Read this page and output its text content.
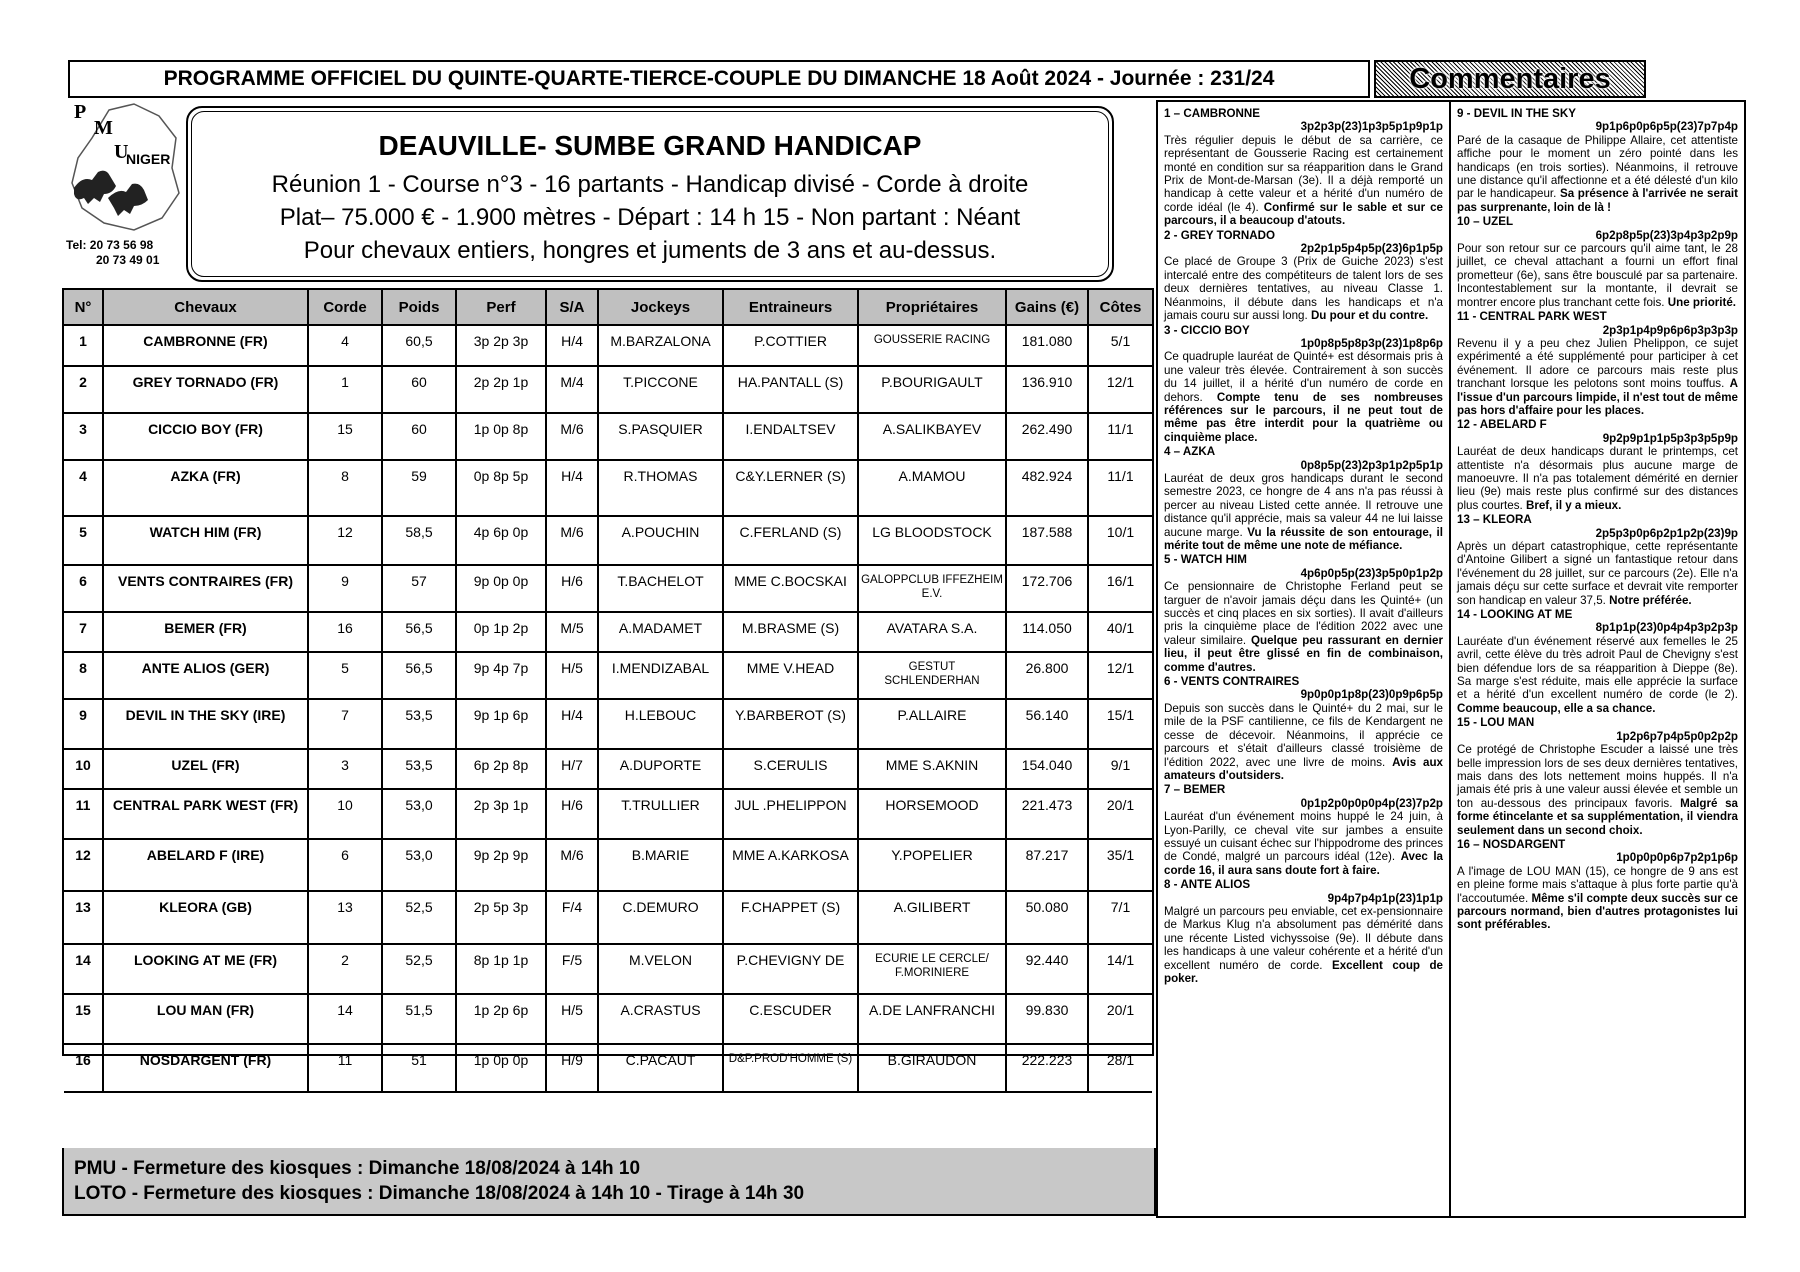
PROGRAMME OFFICIEL DU QUINTE-QUARTE-TIERCE-COUPLE DU DIMANCHE 18 Août 2024 - Journée : 231/24	Commentaires
P
M
U
NIGER
Tel: 20 73 56 98
20 73 49 01
DEAUVILLE- SUMBE GRAND HANDICAP
Réunion 1 - Course n°3 - 16 partants - Handicap divisé - Corde à droite
Plat– 75.000 € - 1.900 mètres - Départ : 14 h 15 - Non partant : Néant
Pour chevaux entiers, hongres et juments de 3 ans et au-dessus.
N°	Chevaux	Corde	Poids	Perf	S/A	Jockeys	Entraineurs	Propriétaires	Gains (€)	Côtes
1	CAMBRONNE (FR)	4	60,5	3p 2p 3p	H/4	M.BARZALONA	P.COTTIER	GOUSSERIE RACING	181.080	5/1
2	GREY TORNADO (FR)	1	60	2p 2p 1p	M/4	T.PICCONE	HA.PANTALL (S)	P.BOURIGAULT	136.910	12/1
3	CICCIO BOY (FR)	15	60	1p 0p 8p	M/6	S.PASQUIER	I.ENDALTSEV	A.SALIKBAYEV	262.490	11/1
4	AZKA (FR)	8	59	0p 8p 5p	H/4	R.THOMAS	C&Y.LERNER (S)	A.MAMOU	482.924	11/1
5	WATCH HIM (FR)	12	58,5	4p 6p 0p	M/6	A.POUCHIN	C.FERLAND (S)	LG BLOODSTOCK	187.588	10/1
6	VENTS CONTRAIRES (FR)	9	57	9p 0p 0p	H/6	T.BACHELOT	MME C.BOCSKAI	GALOPPCLUB IFFEZHEIM E.V.	172.706	16/1
7	BEMER (FR)	16	56,5	0p 1p 2p	M/5	A.MADAMET	M.BRASME (S)	AVATARA S.A.	114.050	40/1
8	ANTE ALIOS (GER)	5	56,5	9p 4p 7p	H/5	I.MENDIZABAL	MME V.HEAD	GESTUT SCHLENDERHAN	26.800	12/1
9	DEVIL IN THE SKY (IRE)	7	53,5	9p 1p 6p	H/4	H.LEBOUC	Y.BARBEROT (S)	P.ALLAIRE	56.140	15/1
10	UZEL (FR)	3	53,5	6p 2p 8p	H/7	A.DUPORTE	S.CERULIS	MME S.AKNIN	154.040	9/1
11	CENTRAL PARK WEST (FR)	10	53,0	2p 3p 1p	H/6	T.TRULLIER	JUL .PHELIPPON	HORSEMOOD	221.473	20/1
12	ABELARD F (IRE)	6	53,0	9p 2p 9p	M/6	B.MARIE	MME A.KARKOSA	Y.POPELIER	87.217	35/1
13	KLEORA (GB)	13	52,5	2p 5p 3p	F/4	C.DEMURO	F.CHAPPET (S)	A.GILIBERT	50.080	7/1
14	LOOKING AT ME (FR)	2	52,5	8p 1p 1p	F/5	M.VELON	P.CHEVIGNY DE	ECURIE LE CERCLE/ F.MORINIERE	92.440	14/1
15	LOU MAN (FR)	14	51,5	1p 2p 6p	H/5	A.CRASTUS	C.ESCUDER	A.DE LANFRANCHI	99.830	20/1
16	NOSDARGENT (FR)	11	51	1p 0p 0p	H/9	C.PACAUT	D&P.PROD'HOMME (S)	B.GIRAUDON	222.223	28/1
PMU - Fermeture des kiosques : Dimanche 18/08/2024 à 14h 10
LOTO - Fermeture des kiosques : Dimanche 18/08/2024 à 14h 10 - Tirage à 14h 30
1 – CAMBRONNE
3p2p3p(23)1p3p5p1p9p1p
Très régulier depuis le début de sa carrière, ce représentant de Gousserie Racing est certainement monté en condition sur sa réapparition dans le Grand Prix de Mont-de-Marsan (3e). Il a déjà remporté un handicap à cette valeur et a hérité d'un numéro de corde idéal (le 4). Confirmé sur le sable et sur ce parcours, il a beaucoup d'atouts.
2 - GREY TORNADO
2p2p1p5p4p5p(23)6p1p5p
Ce placé de Groupe 3 (Prix de Guiche 2023) s'est intercalé entre des compétiteurs de talent lors de ses deux dernières tentatives, au niveau Classe 1. Néanmoins, il débute dans les handicaps et n'a jamais couru sur aussi long. Du pour et du contre.
3 - CICCIO BOY
1p0p8p5p8p3p(23)1p8p6p
Ce quadruple lauréat de Quinté+ est désormais pris à une valeur très élevée. Contrairement à son succès du 14 juillet, il a hérité d'un numéro de corde en dehors. Compte tenu de ses nombreuses références sur le parcours, il ne peut tout de même pas être interdit pour la quatrième ou cinquième place.
4 – AZKA
0p8p5p(23)2p3p1p2p5p1p
Lauréat de deux gros handicaps durant le second semestre 2023, ce hongre de 4 ans n'a pas réussi à percer au niveau Listed cette année. Il retrouve une distance qu'il apprécie, mais sa valeur 44 ne lui laisse aucune marge. Vu la réussite de son entourage, il mérite tout de même une note de méfiance.
5 - WATCH HIM
4p6p0p5p(23)3p5p0p1p2p
Ce pensionnaire de Christophe Ferland peut se targuer de n'avoir jamais déçu dans les Quinté+ (un succès et cinq places en six sorties). Il avait d'ailleurs pris la cinquième place de l'édition 2022 avec une valeur similaire. Quelque peu rassurant en dernier lieu, il peut être glissé en fin de combinaison, comme d'autres.
6 - VENTS CONTRAIRES
9p0p0p1p8p(23)0p9p6p5p
Depuis son succès dans le Quinté+ du 2 mai, sur le mile de la PSF cantilienne, ce fils de Kendargent ne cesse de décevoir. Néanmoins, il apprécie ce parcours et s'était d'ailleurs classé troisième de l'édition 2022, avec une livre de moins. Avis aux amateurs d'outsiders.
7 – BEMER
0p1p2p0p0p0p4p(23)7p2p
Lauréat d'un événement moins huppé le 24 juin, à Lyon-Parilly, ce cheval vite sur jambes a ensuite essuyé un cuisant échec sur l'hippodrome des princes de Condé, malgré un parcours idéal (12e). Avec la corde 16, il aura sans doute fort à faire.
8 - ANTE ALIOS
9p4p7p4p1p(23)1p1p
Malgré un parcours peu enviable, cet ex-pensionnaire de Markus Klug n'a absolument pas démérité dans une récente Listed vichyssoise (9e). Il débute dans les handicaps à une valeur cohérente et a hérité d'un excellent numéro de corde. Excellent coup de poker.
9 - DEVIL IN THE SKY
9p1p6p0p6p5p(23)7p7p4p
Paré de la casaque de Philippe Allaire, cet attentiste affiche pour le moment un zéro pointé dans les handicaps (en trois sorties). Néanmoins, il retrouve une distance qu'il affectionne et a été délesté d'un kilo par le handicapeur. Sa présence à l'arrivée ne serait pas surprenante, loin de là !
10 – UZEL
6p2p8p5p(23)3p4p3p2p9p
Pour son retour sur ce parcours qu'il aime tant, le 28 juillet, ce cheval attachant a fourni un effort final prometteur (6e), sans être bousculé par sa partenaire. Incontestablement sur la montante, il devrait se montrer encore plus tranchant cette fois. Une priorité.
11 - CENTRAL PARK WEST
2p3p1p4p9p6p6p3p3p3p
Revenu il y a peu chez Julien Phelippon, ce sujet expérimenté a été supplémenté pour participer à cet événement. Il adore ce parcours mais reste plus tranchant lorsque les pelotons sont moins touffus. A l'issue d'un parcours limpide, il n'est tout de même pas hors d'affaire pour les places.
12 - ABELARD F
9p2p9p1p1p5p3p3p5p9p
Lauréat de deux handicaps durant le printemps, cet attentiste n'a désormais plus aucune marge de manoeuvre. Il n'a pas totalement démérité en dernier lieu (9e) mais reste plus confirmé sur des distances plus courtes. Bref, il y a mieux.
13 – KLEORA
2p5p3p0p6p2p1p2p(23)9p
Après un départ catastrophique, cette représentante d'Antoine Gilibert a signé un fantastique retour dans l'événement du 28 juillet, sur ce parcours (2e). Elle n'a jamais déçu sur cette surface et devrait vite remporter son handicap en valeur 37,5. Notre préférée.
14 - LOOKING AT ME
8p1p1p(23)0p4p4p3p2p3p
Lauréate d'un événement réservé aux femelles le 25 avril, cette élève du très adroit Paul de Chevigny s'est bien défendue lors de sa réapparition à Dieppe (8e). Sa marge s'est réduite, mais elle apprécie la surface et a hérité d'un excellent numéro de corde (le 2). Comme beaucoup, elle a sa chance.
15 - LOU MAN
1p2p6p7p4p5p0p2p2p
Ce protégé de Christophe Escuder a laissé une très belle impression lors de ses deux dernières tentatives, mais dans des lots nettement moins huppés. Il n'a jamais été pris à une valeur aussi élevée et semble un ton au-dessous des principaux favoris. Malgré sa forme étincelante et sa supplémentation, il viendra seulement dans un second choix.
16 – NOSDARGENT
1p0p0p0p6p7p2p1p6p
A l'image de LOU MAN (15), ce hongre de 9 ans est en pleine forme mais s'attaque à plus forte partie qu'à l'accoutumée. Même s'il compte deux succès sur ce parcours normand, bien d'autres protagonistes lui sont préférables.
